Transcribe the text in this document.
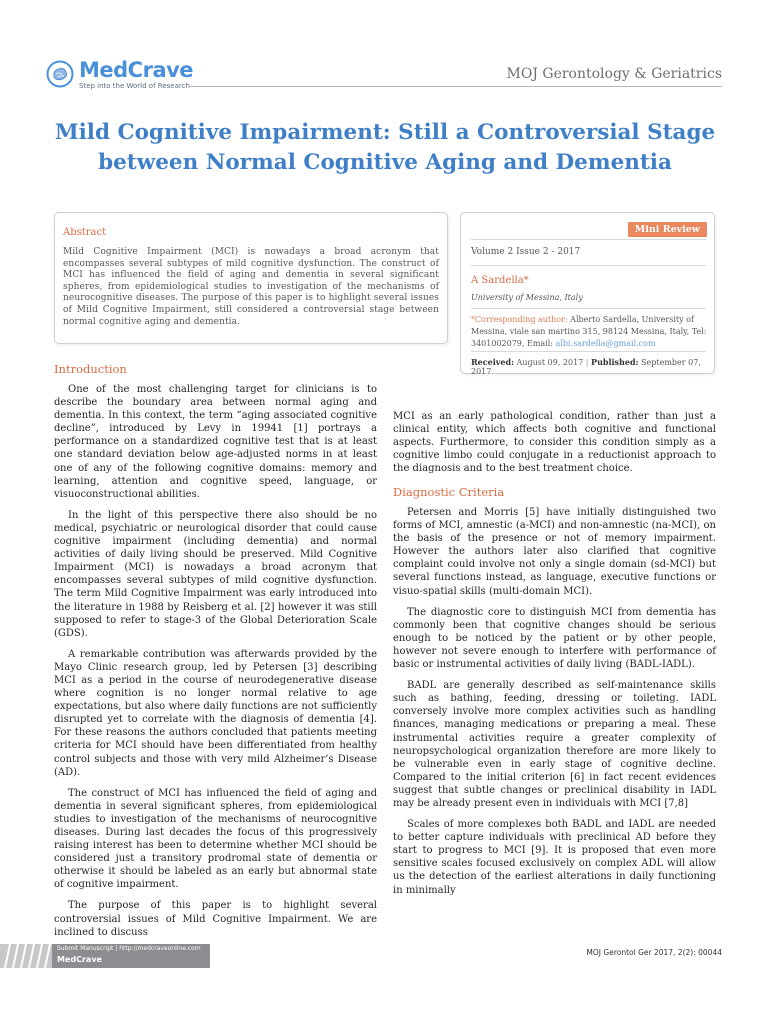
MedCrave
Step into the World of Research
MOJ Gerontology & Geriatrics
Mild Cognitive Impairment: Still a Controversial Stage
between Normal Cognitive Aging and Dementia
Abstract
Mild Cognitive Impairment (MCI) is nowadays a broad acronym that encompasses several subtypes of mild cognitive dysfunction. The construct of MCI has influenced the field of aging and dementia in several significant spheres, from epidemiological studies to investigation of the mechanisms of neurocognitive diseases. The purpose of this paper is to highlight several issues of Mild Cognitive Impairment, still considered a controversial stage between normal cognitive aging and dementia.
Mini Review
Volume 2 Issue 2 - 2017
A Sardella*
University of Messina, Italy
*Corresponding author: Alberto Sardella, University of Messina, viale san martino 315, 98124 Messina, Italy, Tel: 3401002079, Email: albi.sardella@gmail.com
Received: August 09, 2017 | Published: September 07, 2017
Introduction

One of the most challenging target for clinicians is to describe the boundary area between normal aging and dementia. In this context, the term “aging associated cognitive decline”, introduced by Levy in 19941 [1] portrays a performance on a standardized cognitive test that is at least one standard deviation below age-adjusted norms in at least one of any of the following cognitive domains: memory and learning, attention and cognitive speed, language, or visuoconstructional abilities.

In the light of this perspective there also should be no medical, psychiatric or neurological disorder that could cause cognitive impairment (including dementia) and normal activities of daily living should be preserved. Mild Cognitive Impairment (MCI) is nowadays a broad acronym that encompasses several subtypes of mild cognitive dysfunction. The term Mild Cognitive Impairment was early introduced into the literature in 1988 by Reisberg et al. [2] however it was still supposed to refer to stage-3 of the Global Deterioration Scale (GDS).

A remarkable contribution was afterwards provided by the Mayo Clinic research group, led by Petersen [3] describing MCI as a period in the course of neurodegenerative disease where cognition is no longer normal relative to age expectations, but also where daily functions are not sufficiently disrupted yet to correlate with the diagnosis of dementia [4]. For these reasons the authors concluded that patients meeting criteria for MCI should have been differentiated from healthy control subjects and those with very mild Alzheimer’s Disease (AD).

The construct of MCI has influenced the field of aging and dementia in several significant spheres, from epidemiological studies to investigation of the mechanisms of neurocognitive diseases. During last decades the focus of this progressively raising interest has been to determine whether MCI should be considered just a transitory prodromal state of dementia or otherwise it should be labeled as an early but abnormal state of cognitive impairment.

The purpose of this paper is to highlight several controversial issues of Mild Cognitive Impairment. We are inclined to discuss

MCI as an early pathological condition, rather than just a clinical entity, which affects both cognitive and functional aspects. Furthermore, to consider this condition simply as a cognitive limbo could conjugate in a reductionist approach to the diagnosis and to the best treatment choice.

Diagnostic Criteria

Petersen and Morris [5] have initially distinguished two forms of MCI, amnestic (a-MCI) and non-amnestic (na-MCI), on the basis of the presence or not of memory impairment. However the authors later also clarified that cognitive complaint could involve not only a single domain (sd-MCI) but several functions instead, as language, executive functions or visuo-spatial skills (multi-domain MCI).

The diagnostic core to distinguish MCI from dementia has commonly been that cognitive changes should be serious enough to be noticed by the patient or by other people, however not severe enough to interfere with performance of basic or instrumental activities of daily living (BADL-IADL).

BADL are generally described as self-maintenance skills such as bathing, feeding, dressing or toileting. IADL conversely involve more complex activities such as handling finances, managing medications or preparing a meal. These instrumental activities require a greater complexity of neuropsychological organization therefore are more likely to be vulnerable even in early stage of cognitive decline. Compared to the initial criterion [6] in fact recent evidences suggest that subtle changes or preclinical disability in IADL may be already present even in individuals with MCI [7,8]

Scales of more complexes both BADL and IADL are needed to better capture individuals with preclinical AD before they start to progress to MCI [9]. It is proposed that even more sensitive scales focused exclusively on complex ADL will allow us the detection of the earliest alterations in daily functioning in minimally

Submit Manuscript | http://medcraveonline.com
MedCrave
MOJ Gerontol Ger 2017, 2(2): 00044
